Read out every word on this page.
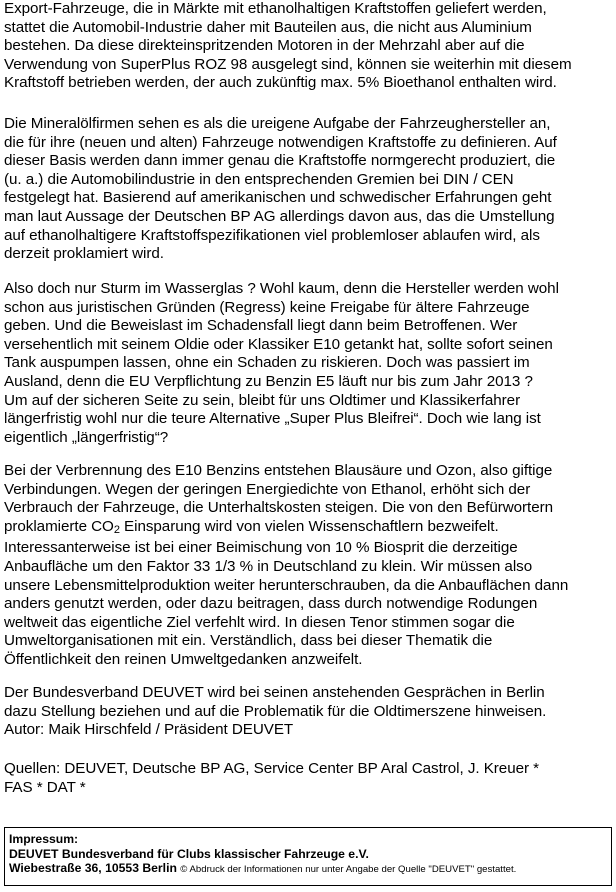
Export-Fahrzeuge, die in Märkte mit ethanolhaltigen Kraftstoffen geliefert werden,
stattet die Automobil-Industrie daher mit Bauteilen aus, die nicht aus Aluminium
bestehen. Da diese direkteinspritzenden Motoren in der Mehrzahl aber auf die
Verwendung von SuperPlus ROZ 98 ausgelegt sind, können sie weiterhin mit diesem
Kraftstoff betrieben werden, der auch zukünftig max. 5% Bioethanol enthalten wird.

Die Mineralölfirmen sehen es als die ureigene Aufgabe der Fahrzeughersteller an,
die für ihre (neuen und alten) Fahrzeuge notwendigen Kraftstoffe zu definieren. Auf
dieser Basis werden dann immer genau die Kraftstoffe normgerecht produziert, die
(u. a.) die Automobilindustrie in den entsprechenden Gremien bei DIN / CEN
festgelegt hat. Basierend auf amerikanischen und schwedischer Erfahrungen geht
man laut Aussage der Deutschen BP AG allerdings davon aus, das die Umstellung
auf ethanolhaltigere Kraftstoffspezifikationen viel problemloser ablaufen wird, als
derzeit proklamiert wird.

Also doch nur Sturm im Wasserglas ? Wohl kaum, denn die Hersteller werden wohl
schon aus juristischen Gründen (Regress) keine Freigabe für ältere Fahrzeuge
geben. Und die Beweislast im Schadensfall liegt dann beim Betroffenen. Wer
versehentlich mit seinem Oldie oder Klassiker E10 getankt hat, sollte sofort seinen
Tank auspumpen lassen, ohne ein Schaden zu riskieren. Doch was passiert im
Ausland, denn die EU Verpflichtung zu Benzin E5 läuft nur bis zum Jahr 2013 ?
Um auf der sicheren Seite zu sein, bleibt für uns Oldtimer und Klassikerfahrer
längerfristig wohl nur die teure Alternative „Super Plus Bleifrei“. Doch wie lang ist
eigentlich „längerfristig“?

Bei der Verbrennung des E10 Benzins entstehen Blausäure und Ozon, also giftige
Verbindungen. Wegen der geringen Energiedichte von Ethanol, erhöht sich der
Verbrauch der Fahrzeuge, die Unterhaltskosten steigen. Die von den Befürwortern
proklamierte CO2 Einsparung wird von vielen Wissenschaftlern bezweifelt.
Interessanterweise ist bei einer Beimischung von 10 % Biosprit die derzeitige
Anbaufläche um den Faktor 33 1/3 % in Deutschland zu klein. Wir müssen also
unsere Lebensmittelproduktion weiter herunterschrauben, da die Anbauflächen dann
anders genutzt werden, oder dazu beitragen, dass durch notwendige Rodungen
weltweit das eigentliche Ziel verfehlt wird. In diesen Tenor stimmen sogar die
Umweltorganisationen mit ein. Verständlich, dass bei dieser Thematik die
Öffentlichkeit den reinen Umweltgedanken anzweifelt.

Der Bundesverband DEUVET wird bei seinen anstehenden Gesprächen in Berlin
dazu Stellung beziehen und auf die Problematik für die Oldtimerszene hinweisen.
Autor: Maik Hirschfeld / Präsident DEUVET

Quellen: DEUVET, Deutsche BP AG, Service Center BP Aral Castrol, J. Kreuer *
FAS * DAT *

Impressum:
DEUVET Bundesverband für Clubs klassischer Fahrzeuge e.V.
Wiebestraße 36, 10553 Berlin © Abdruck der Informationen nur unter Angabe der Quelle "DEUVET" gestattet.
